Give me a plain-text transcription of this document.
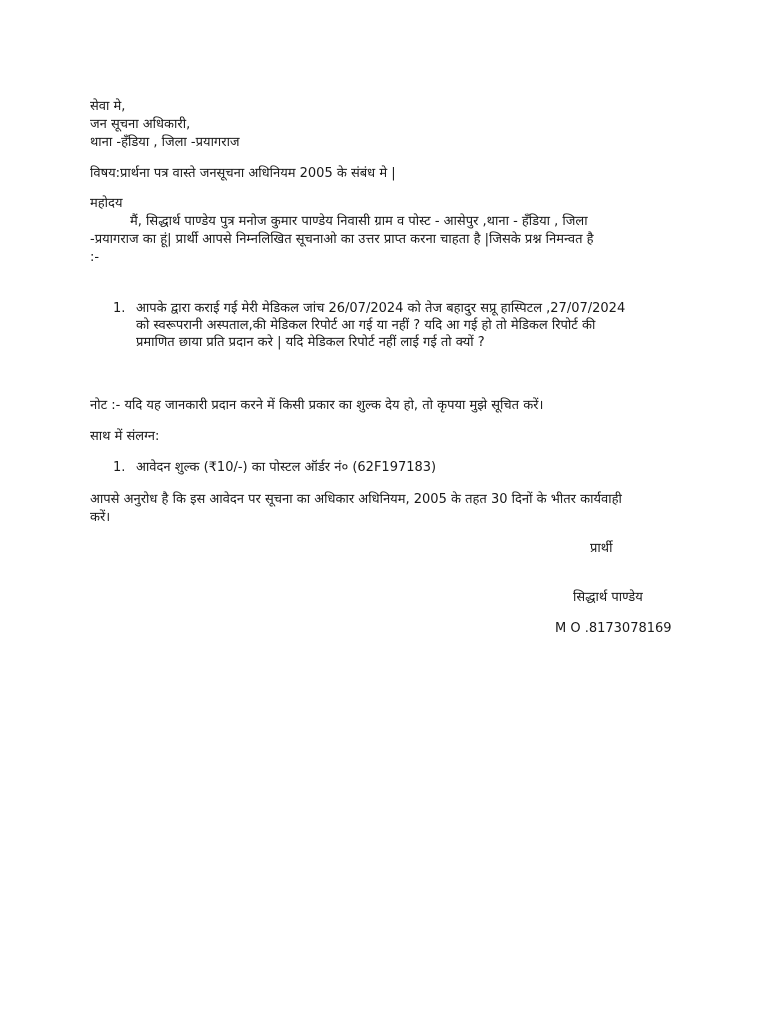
सेवा मे,
जन सूचना अधिकारी,
थाना -हँडिया , जिला -प्रयागराज
विषय:प्रार्थना पत्र वास्ते जनसूचना अधिनियम 2005 के संबंध मे |
महोदय
मैं, सिद्धार्थ पाण्डेय पुत्र मनोज कुमार पाण्डेय निवासी ग्राम व पोस्ट - आसेपुर ,थाना - हँडिया , जिला
-प्रयागराज का हूं| प्रार्थी आपसे निम्नलिखित सूचनाओ का उत्तर प्राप्त करना चाहता है |जिसके प्रश्न निमन्वत है
:-
1. आपके द्वारा कराई गई मेरी मेडिकल जांच 26/07/2024 को तेज बहादुर सप्रू हास्पिटल ,27/07/2024
को स्वरूपरानी अस्पताल,की मेडिकल रिपोर्ट आ गई या नहीं ? यदि आ गई हो तो मेडिकल रिपोर्ट की
प्रमाणित छाया प्रति प्रदान करे | यदि मेडिकल रिपोर्ट नहीं लाई गई तो क्यों ?
नोट :- यदि यह जानकारी प्रदान करने में किसी प्रकार का शुल्क देय हो, तो कृपया मुझे सूचित करें।
साथ में संलग्न:
1. आवेदन शुल्क (₹10/-) का पोस्टल ऑर्डर नं० (62F197183)
आपसे अनुरोध है कि इस आवेदन पर सूचना का अधिकार अधिनियम, 2005 के तहत 30 दिनों के भीतर कार्यवाही
करें।
प्रार्थी
सिद्धार्थ पाण्डेय
M O .8173078169
